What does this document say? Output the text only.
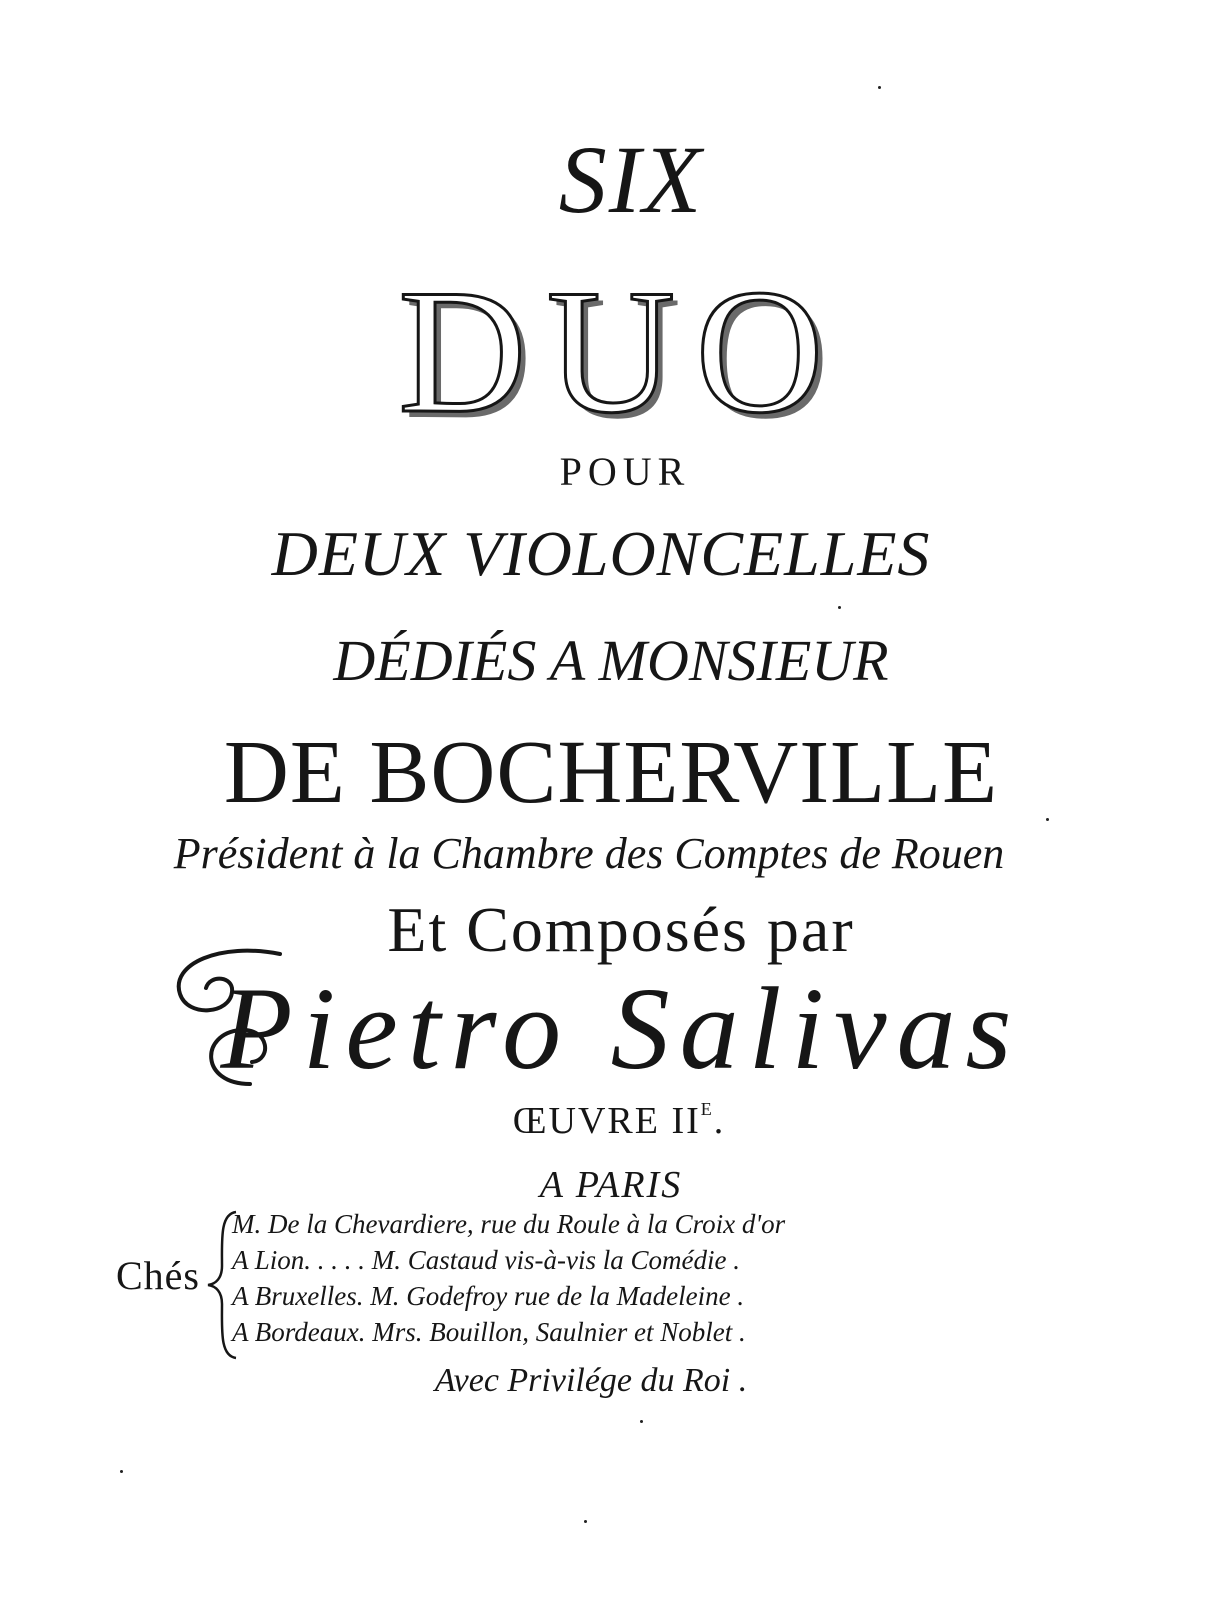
SIX
DUO
POUR
DEUX VIOLONCELLES
DÉDIÉS A MONSIEUR
DE BOCHERVILLE
Président à la Chambre des Comptes de Rouen
Et Composés par
Pietro Salivas
ŒUVRE $II^E$.
A PARIS
Chés
M. De la Chevardiere, rue du Roule à la Croix d'or
A Lion. . . . . M. Castaud vis-à-vis la Comédie .
A Bruxelles. M. Godefroy rue de la Madeleine .
A Bordeaux. Mrs. Bouillon, Saulnier et Noblet .
Avec Privilége du Roi .
